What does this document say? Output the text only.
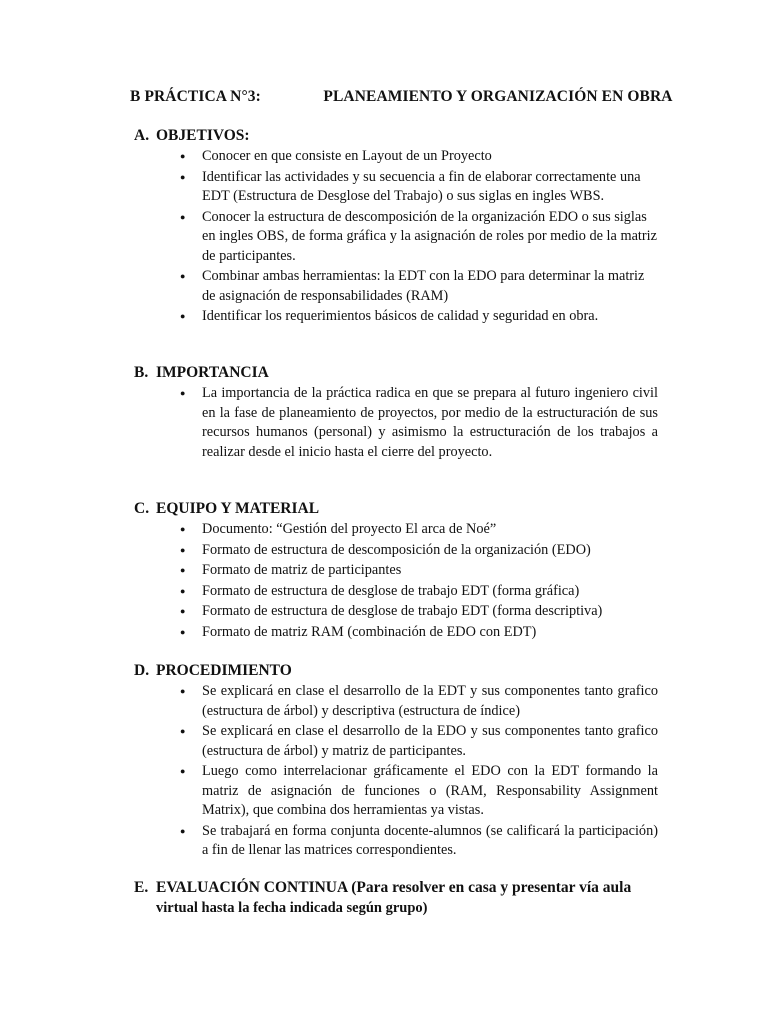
B PRÁCTICA N°3:	PLANEAMIENTO Y ORGANIZACIÓN EN OBRA
A. OBJETIVOS:
● Conocer en que consiste en Layout de un Proyecto
● Identificar las actividades y su secuencia a fin de elaborar correctamente una EDT (Estructura de Desglose del Trabajo) o sus siglas en ingles WBS.
● Conocer la estructura de descomposición de la organización EDO o sus siglas en ingles OBS, de forma gráfica y la asignación de roles por medio de la matriz de participantes.
● Combinar ambas herramientas: la EDT con la EDO para determinar la matriz de asignación de responsabilidades (RAM)
● Identificar los requerimientos básicos de calidad y seguridad en obra.
B. IMPORTANCIA
● La importancia de la práctica radica en que se prepara al futuro ingeniero civil en la fase de planeamiento de proyectos, por medio de la estructuración de sus recursos humanos (personal) y asimismo la estructuración de los trabajos a realizar desde el inicio hasta el cierre del proyecto.
C. EQUIPO Y MATERIAL
● Documento: “Gestión del proyecto El arca de Noé”
● Formato de estructura de descomposición de la organización (EDO)
● Formato de matriz de participantes
● Formato de estructura de desglose de trabajo EDT (forma gráfica)
● Formato de estructura de desglose de trabajo EDT (forma descriptiva)
● Formato de matriz RAM (combinación de EDO con EDT)
D. PROCEDIMIENTO
● Se explicará en clase el desarrollo de la EDT y sus componentes tanto grafico (estructura de árbol) y descriptiva (estructura de índice)
● Se explicará en clase el desarrollo de la EDO y sus componentes tanto grafico (estructura de árbol) y matriz de participantes.
● Luego como interrelacionar gráficamente el EDO con la EDT formando la matriz de asignación de funciones o (RAM, Responsability Assignment Matrix), que combina dos herramientas ya vistas.
● Se trabajará en forma conjunta docente-alumnos (se calificará la participación) a fin de llenar las matrices correspondientes.
E. EVALUACIÓN CONTINUA (Para resolver en casa y presentar vía aula
virtual hasta la fecha indicada según grupo)
